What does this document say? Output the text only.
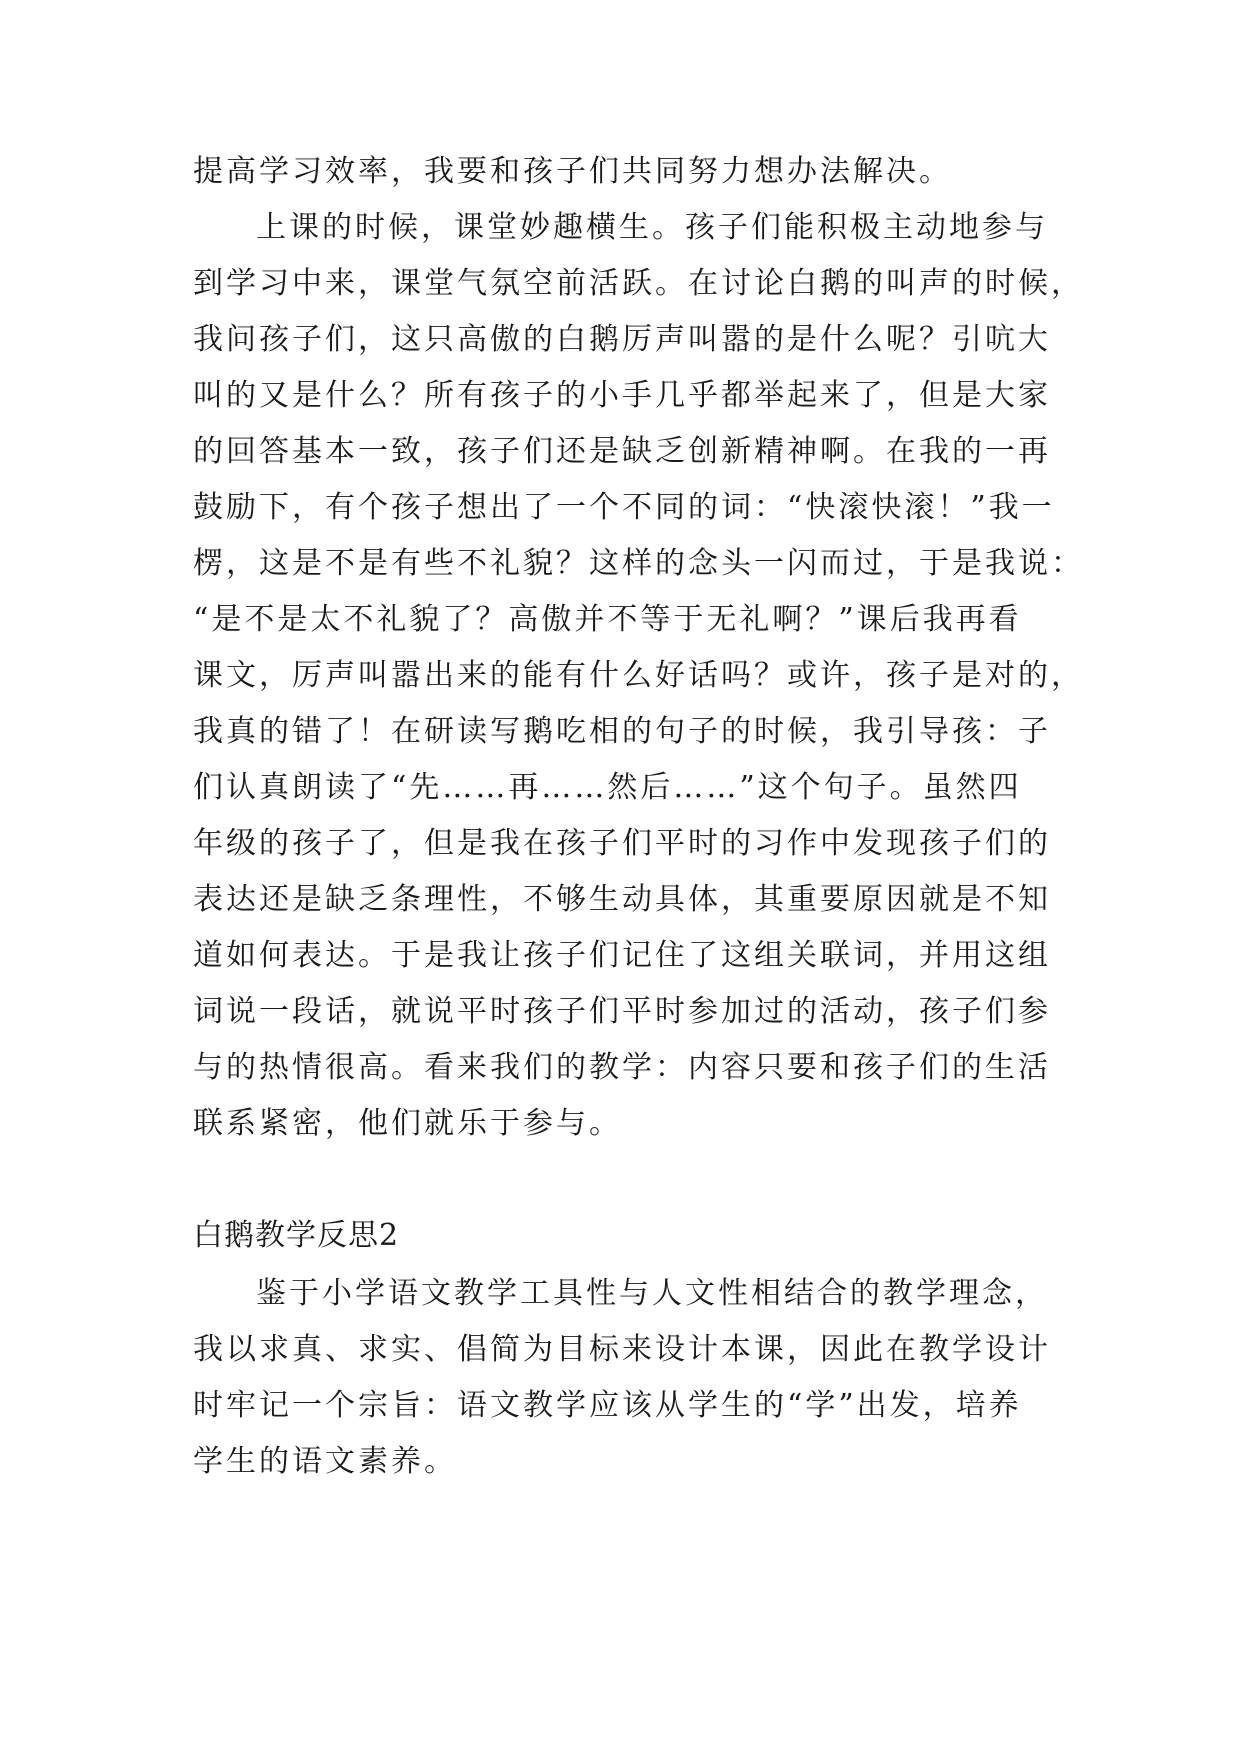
提高学习效率，我要和孩子们共同努力想办法解决。
上课的时候，课堂妙趣横生。孩子们能积极主动地参与
到学习中来，课堂气氛空前活跃。在讨论白鹅的叫声的时候，
我问孩子们，这只高傲的白鹅厉声叫嚣的是什么呢？引吭大
叫的又是什么？所有孩子的小手几乎都举起来了，但是大家
的回答基本一致，孩子们还是缺乏创新精神啊。在我的一再
鼓励下，有个孩子想出了一个不同的词：“快滚快滚！”我一
楞，这是不是有些不礼貌？这样的念头一闪而过，于是我说：
“是不是太不礼貌了？高傲并不等于无礼啊？”课后我再看
课文，厉声叫嚣出来的能有什么好话吗？或许，孩子是对的，
我真的错了！在研读写鹅吃相的句子的时候，我引导孩：子
们认真朗读了“先……再……然后……”这个句子。虽然四
年级的孩子了，但是我在孩子们平时的习作中发现孩子们的
表达还是缺乏条理性，不够生动具体，其重要原因就是不知
道如何表达。于是我让孩子们记住了这组关联词，并用这组
词说一段话，就说平时孩子们平时参加过的活动，孩子们参
与的热情很高。看来我们的教学：内容只要和孩子们的生活
联系紧密，他们就乐于参与。
白鹅教学反思2
鉴于小学语文教学工具性与人文性相结合的教学理念，
我以求真、求实、倡简为目标来设计本课，因此在教学设计
时牢记一个宗旨：语文教学应该从学生的“学”出发，培养
学生的语文素养。
